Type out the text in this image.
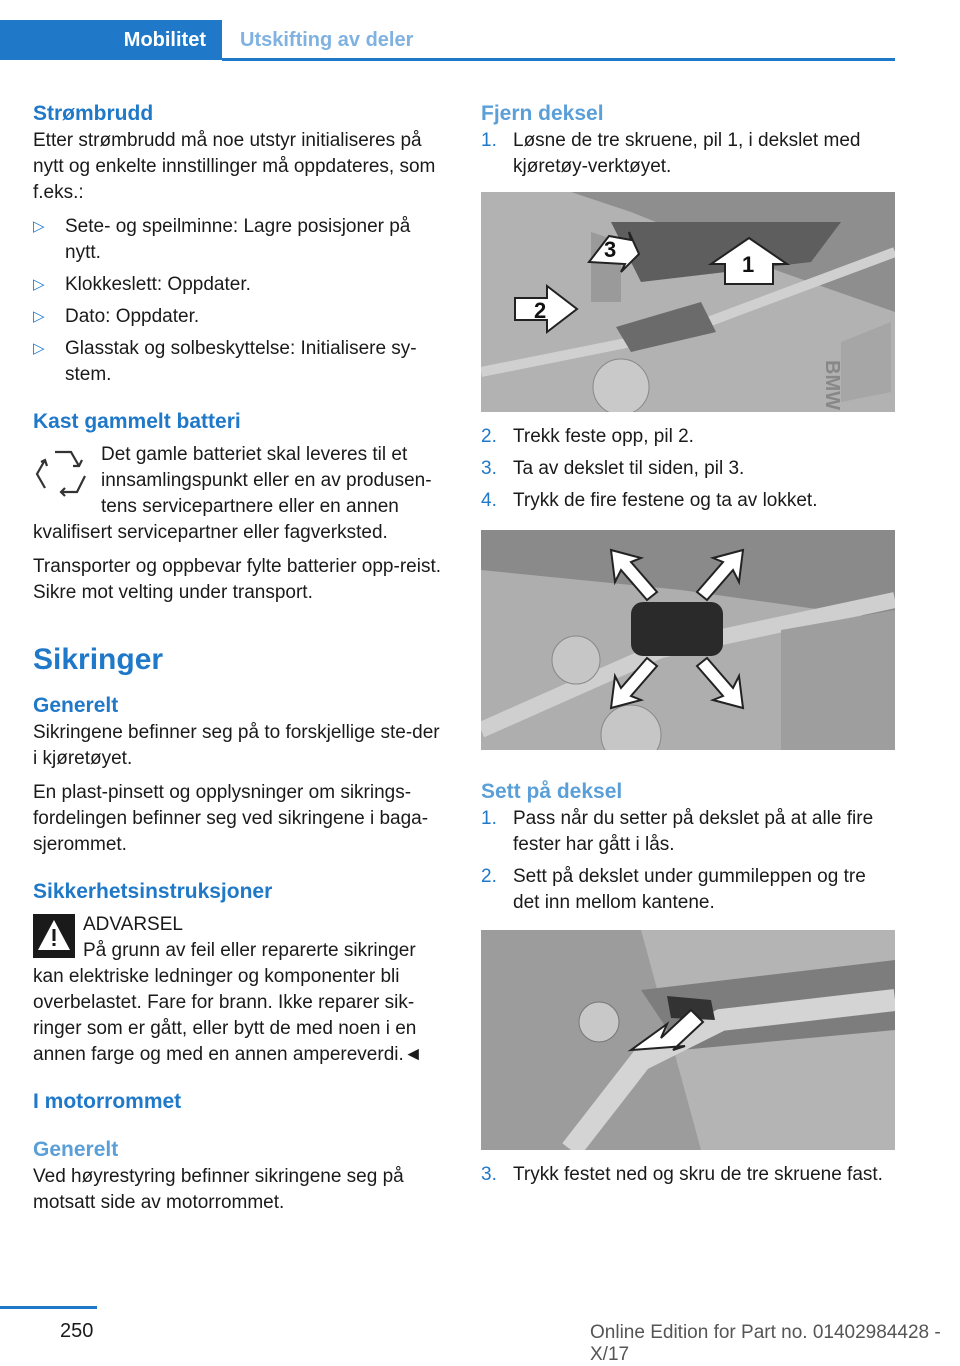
Mobilitet	Utskifting av deler
Strømbrudd

Etter strømbrudd må noe utstyr initialiseres på nytt og enkelte innstillinger må oppdateres, som f.eks.:

▷	Sete- og speilminne: Lagre posisjoner på nytt.
▷	Klokkeslett: Oppdater.
▷	Dato: Oppdater.
▷	Glasstak og solbeskyttelse: Initialisere sy-stem.
Kast gammelt batteri

Det gamle batteriet skal leveres til et innsamlingspunkt eller en av produsen-tens servicepartnere eller en annen kvalifisert servicepartner eller fagverksted.

Transporter og oppbevar fylte batterier opp-reist. Sikre mot velting under transport.

Sikringer
Generelt

Sikringene befinner seg på to forskjellige ste-der i kjøretøyet.

En plast-pinsett og opplysninger om sikrings-fordelingen befinner seg ved sikringene i baga-sjerommet.

Sikkerhetsinstruksjoner

ADVARSEL

På grunn av feil eller reparerte sikringer kan elektriske ledninger og komponenter bli overbelastet. Fare for brann. Ikke reparer sik-ringer som er gått, eller bytt de med noen i en annen farge og med en annen ampereverdi.◄

I motorrommet
Generelt

Ved høyrestyring befinner sikringene seg på motsatt side av motorrommet.

Fjern deksel
1. Løsne de tre skruene, pil 1, i dekslet med kjøretøy-verktøyet.
3
1
2
BMW
2. Trekk feste opp, pil 2.
3. Ta av dekslet til siden, pil 3.
4. Trykk de fire festene og ta av lokket.
Sett på deksel
1. Pass når du setter på dekslet på at alle fire fester har gått i lås.
2. Sett på dekslet under gummileppen og tre det inn mellom kantene.
3. Trykk festet ned og skru de tre skruene fast.
250	Online Edition for Part no. 01402984428 - X/17
